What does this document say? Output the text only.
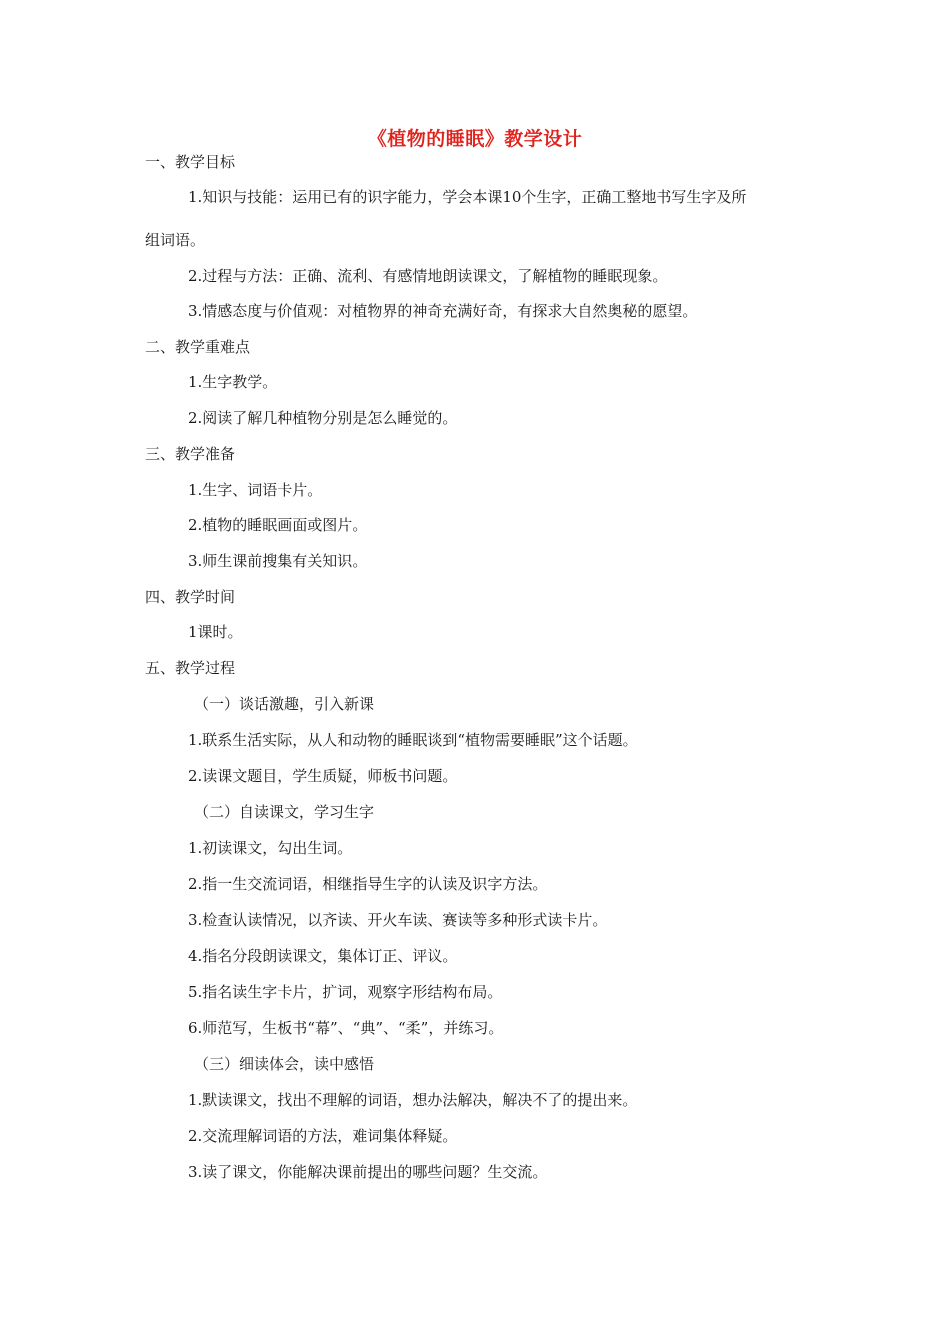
《植物的睡眠》教学设计
一、教学目标
1.知识与技能：运用已有的识字能力，学会本课10个生字，正确工整地书写生字及所
组词语。
2.过程与方法：正确、流利、有感情地朗读课文，了解植物的睡眠现象。
3.情感态度与价值观：对植物界的神奇充满好奇，有探求大自然奥秘的愿望。
二、教学重难点
1.生字教学。
2.阅读了解几种植物分别是怎么睡觉的。
三、教学准备
1.生字、词语卡片。
2.植物的睡眠画面或图片。
3.师生课前搜集有关知识。
四、教学时间
1课时。
五、教学过程
（一）谈话激趣，引入新课
1.联系生活实际，从人和动物的睡眠谈到“植物需要睡眠”这个话题。
2.读课文题目，学生质疑，师板书问题。
（二）自读课文，学习生字
1.初读课文，勾出生词。
2.指一生交流词语，相继指导生字的认读及识字方法。
3.检查认读情况，以齐读、开火车读、赛读等多种形式读卡片。
4.指名分段朗读课文，集体订正、评议。
5.指名读生字卡片，扩词，观察字形结构布局。
6.师范写，生板书“幕”、“典”、“柔”，并练习。
（三）细读体会，读中感悟
1.默读课文，找出不理解的词语，想办法解决，解决不了的提出来。
2.交流理解词语的方法，难词集体释疑。
3.读了课文，你能解决课前提出的哪些问题？生交流。
